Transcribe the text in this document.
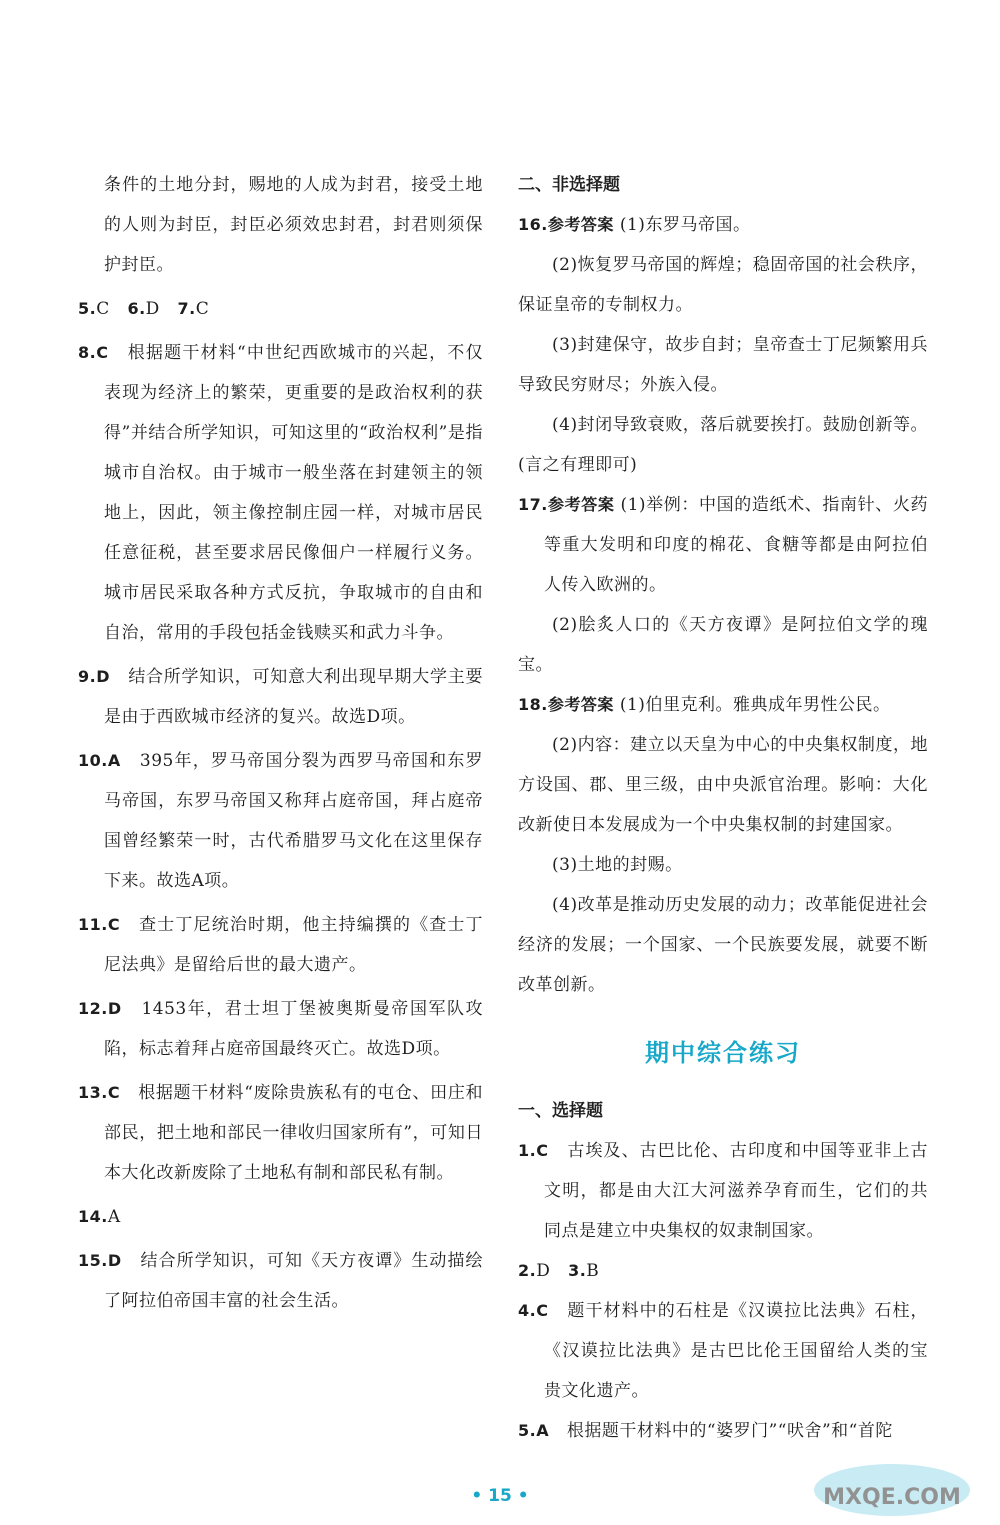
条件的土地分封，赐地的人成为封君，接受土地的人则为封臣，封臣必须效忠封君，封君则须保护封臣。
5.C 6.D 7.C
8.C 根据题干材料“中世纪西欧城市的兴起，不仅表现为经济上的繁荣，更重要的是政治权利的获得”并结合所学知识，可知这里的“政治权利”是指城市自治权。由于城市一般坐落在封建领主的领地上，因此，领主像控制庄园一样，对城市居民任意征税，甚至要求居民像佃户一样履行义务。城市居民采取各种方式反抗，争取城市的自由和自治，常用的手段包括金钱赎买和武力斗争。
9.D 结合所学知识，可知意大利出现早期大学主要是由于西欧城市经济的复兴。故选D项。
10.A 395年，罗马帝国分裂为西罗马帝国和东罗马帝国，东罗马帝国又称拜占庭帝国，拜占庭帝国曾经繁荣一时，古代希腊罗马文化在这里保存下来。故选A项。
11.C 查士丁尼统治时期，他主持编撰的《查士丁尼法典》是留给后世的最大遗产。
12.D 1453年，君士坦丁堡被奥斯曼帝国军队攻陷，标志着拜占庭帝国最终灭亡。故选D项。
13.C 根据题干材料“废除贵族私有的屯仓、田庄和部民，把土地和部民一律收归国家所有”，可知日本大化改新废除了土地私有制和部民私有制。
14.A
15.D 结合所学知识，可知《天方夜谭》生动描绘了阿拉伯帝国丰富的社会生活。
二、非选择题
16.参考答案 (1)东罗马帝国。
(2)恢复罗马帝国的辉煌；稳固帝国的社会秩序，保证皇帝的专制权力。
(3)封建保守，故步自封；皇帝查士丁尼频繁用兵导致民穷财尽；外族入侵。
(4)封闭导致衰败，落后就要挨打。鼓励创新等。(言之有理即可)
17.参考答案 (1)举例：中国的造纸术、指南针、火药等重大发明和印度的棉花、食糖等都是由阿拉伯人传入欧洲的。
(2)脍炙人口的《天方夜谭》是阿拉伯文学的瑰宝。
18.参考答案 (1)伯里克利。雅典成年男性公民。
(2)内容：建立以天皇为中心的中央集权制度，地方设国、郡、里三级，由中央派官治理。影响：大化改新使日本发展成为一个中央集权制的封建国家。
(3)土地的封赐。
(4)改革是推动历史发展的动力；改革能促进社会经济的发展；一个国家、一个民族要发展，就要不断改革创新。
期中综合练习
一、选择题
1.C 古埃及、古巴比伦、古印度和中国等亚非上古文明，都是由大江大河滋养孕育而生，它们的共同点是建立中央集权的奴隶制国家。
2.D 3.B
4.C 题干材料中的石柱是《汉谟拉比法典》石柱，《汉谟拉比法典》是古巴比伦王国留给人类的宝贵文化遗产。
5.A 根据题干材料中的“婆罗门”“吠舍”和“首陀
• 15 •	MXQE.COM
